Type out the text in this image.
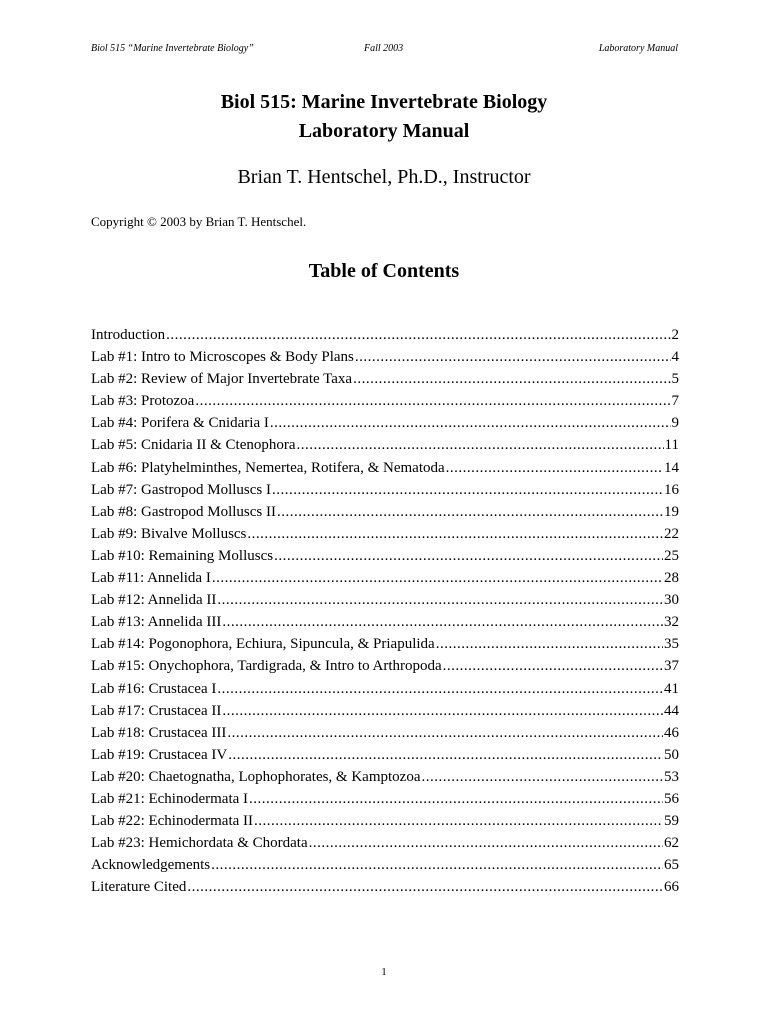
Biol 515 “Marine Invertebrate Biology”	Fall 2003	Laboratory Manual
Biol 515: Marine Invertebrate Biology
Laboratory Manual
Brian T. Hentschel, Ph.D., Instructor
Copyright © 2003 by Brian T. Hentschel.
Table of Contents
Introduction .....	2
Lab #1: Intro to Microscopes & Body Plans .....	4
Lab #2: Review of Major Invertebrate Taxa .....	5
Lab #3: Protozoa .....	7
Lab #4: Porifera & Cnidaria I .....	9
Lab #5: Cnidaria II & Ctenophora .....	11
Lab #6: Platyhelminthes, Nemertea, Rotifera, & Nematoda .....	14
Lab #7: Gastropod Molluscs I .....	16
Lab #8: Gastropod Molluscs II .....	19
Lab #9: Bivalve Molluscs .....	22
Lab #10: Remaining Molluscs .....	25
Lab #11: Annelida I .....	28
Lab #12: Annelida II .....	30
Lab #13: Annelida III .....	32
Lab #14: Pogonophora, Echiura, Sipuncula, & Priapulida .....	35
Lab #15: Onychophora, Tardigrada, & Intro to Arthropoda .....	37
Lab #16: Crustacea I .....	41
Lab #17: Crustacea II .....	44
Lab #18: Crustacea III .....	46
Lab #19: Crustacea IV .....	50
Lab #20: Chaetognatha, Lophophorates, & Kamptozoa .....	53
Lab #21: Echinodermata I .....	56
Lab #22: Echinodermata II .....	59
Lab #23: Hemichordata & Chordata .....	62
Acknowledgements .....	65
Literature Cited .....	66
1
